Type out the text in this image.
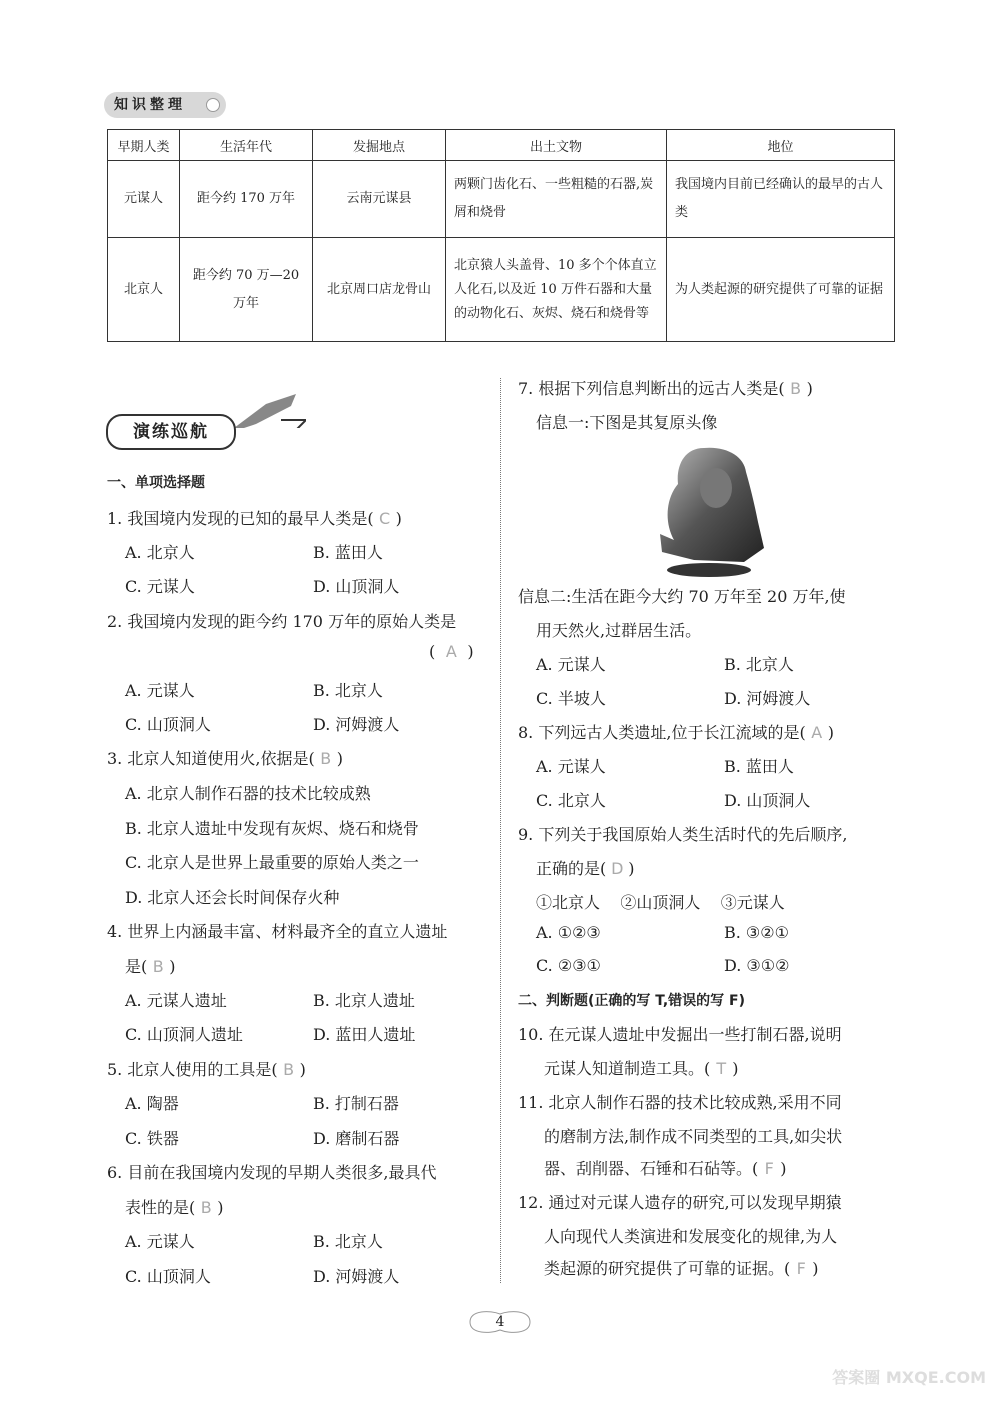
知识整理
早期人类	生活年代	发掘地点	出土文物	地位
元谋人	距今约 170 万年	云南元谋县	两颗门齿化石、一些粗糙的石器,炭屑和烧骨	我国境内目前已经确认的最早的古人类
北京人	距今约 70 万—20 万年	北京周口店龙骨山	北京猿人头盖骨、10 多个个体直立人化石,以及近 10 万件石器和大量的动物化石、灰烬、烧石和烧骨等	为人类起源的研究提供了可靠的证据
演练巡航
一、单项选择题
1. 我国境内发现的已知的最早人类是( C )
A. 北京人	B. 蓝田人
C. 元谋人	D. 山顶洞人
2. 我国境内发现的距今约 170 万年的原始人类是
( A )
A. 元谋人	B. 北京人
C. 山顶洞人	D. 河姆渡人
3. 北京人知道使用火,依据是( B )
A. 北京人制作石器的技术比较成熟
B. 北京人遗址中发现有灰烬、烧石和烧骨
C. 北京人是世界上最重要的原始人类之一
D. 北京人还会长时间保存火种
4. 世界上内涵最丰富、材料最齐全的直立人遗址
是( B )
A. 元谋人遗址	B. 北京人遗址
C. 山顶洞人遗址	D. 蓝田人遗址
5. 北京人使用的工具是( B )
A. 陶器	B. 打制石器
C. 铁器	D. 磨制石器
6. 目前在我国境内发现的早期人类很多,最具代
表性的是( B )
A. 元谋人	B. 北京人
C. 山顶洞人	D. 河姆渡人
7. 根据下列信息判断出的远古人类是( B )
信息一:下图是其复原头像
信息二:生活在距今大约 70 万年至 20 万年,使
用天然火,过群居生活。
A. 元谋人	B. 北京人
C. 半坡人	D. 河姆渡人
8. 下列远古人类遗址,位于长江流域的是( A )
A. 元谋人	B. 蓝田人
C. 北京人	D. 山顶洞人
9. 下列关于我国原始人类生活时代的先后顺序,
正确的是( D )
①北京人    ②山顶洞人    ③元谋人
A. ①②③	B. ③②①
C. ②③①	D. ③①②
二、判断题(正确的写 T,错误的写 F)
10. 在元谋人遗址中发掘出一些打制石器,说明
元谋人知道制造工具。( T )
11. 北京人制作石器的技术比较成熟,采用不同
的磨制方法,制作成不同类型的工具,如尖状
器、刮削器、石锤和石砧等。( F )
12. 通过对元谋人遗存的研究,可以发现早期猿
人向现代人类演进和发展变化的规律,为人
类起源的研究提供了可靠的证据。( F )
4
答案圈 MXQE.COM
